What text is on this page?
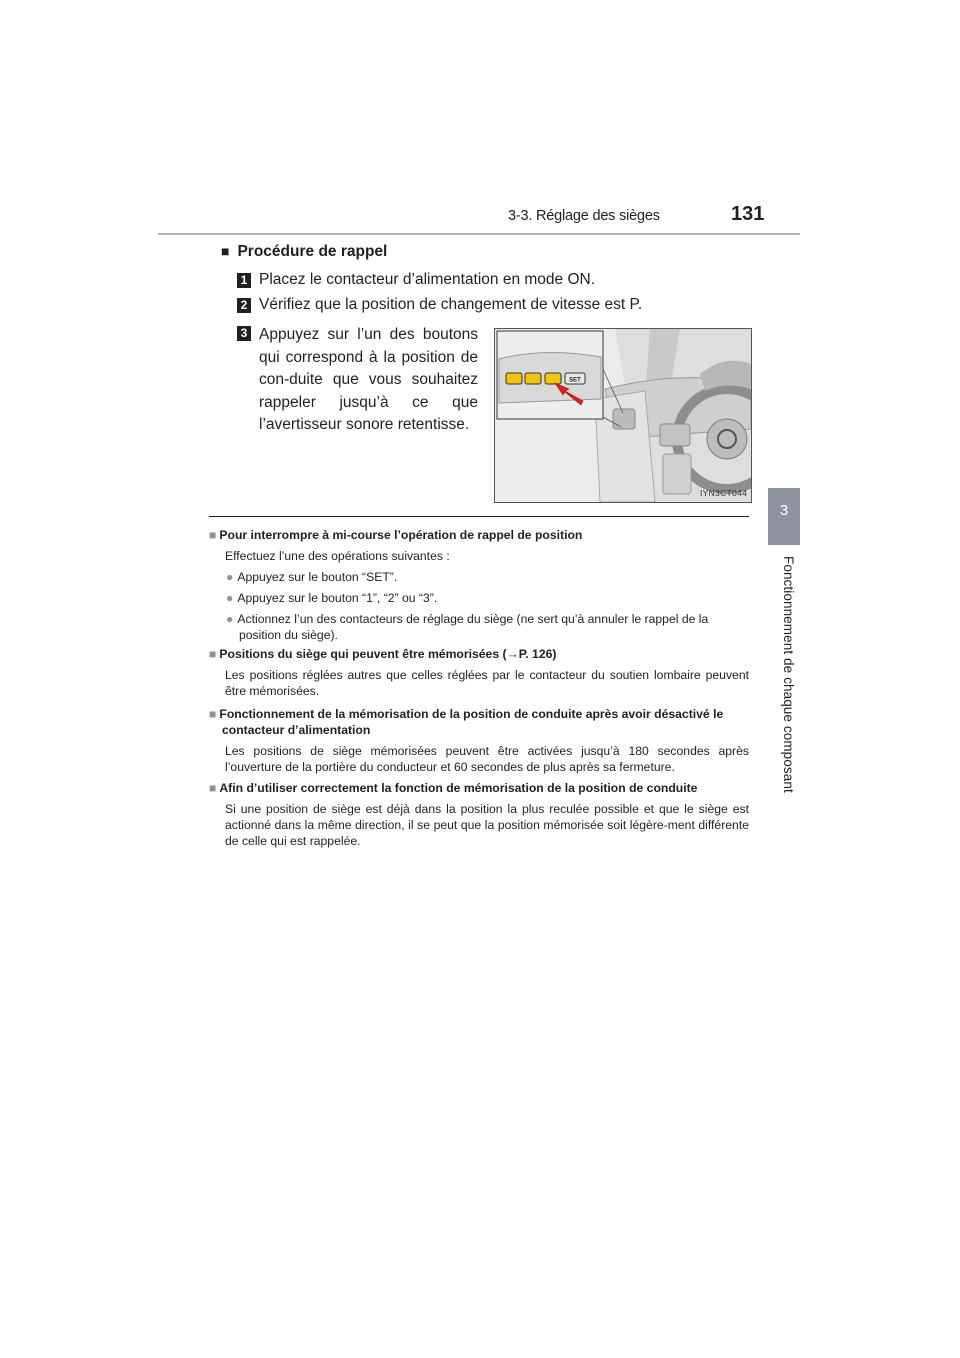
3-3. Réglage des sièges	131
3
Fonctionnement de chaque composant
■ Procédure de rappel
1 Placez le contacteur d’alimentation en mode ON.
2 Vérifiez que la position de changement de vitesse est P.
3 Appuyez sur l’un des boutons qui correspond à la position de con-duite que vous souhaitez rappeler jusqu’à ce que l’avertisseur sonore retentisse.
SET
IYN3CT044
■ Pour interrompre à mi-course l’opération de rappel de position
Effectuez l’une des opérations suivantes :
● Appuyez sur le bouton “SET”.
● Appuyez sur le bouton “1”, “2” ou “3”.
● Actionnez l’un des contacteurs de réglage du siège (ne sert qu’à annuler le rappel de la position du siège).
■ Positions du siège qui peuvent être mémorisées (→P. 126)
Les positions réglées autres que celles réglées par le contacteur du soutien lombaire peuvent être mémorisées.
■ Fonctionnement de la mémorisation de la position de conduite après avoir désactivé le contacteur d’alimentation
Les positions de siège mémorisées peuvent être activées jusqu’à 180 secondes après l’ouverture de la portière du conducteur et 60 secondes de plus après sa fermeture.
■ Afin d’utiliser correctement la fonction de mémorisation de la position de conduite
Si une position de siège est déjà dans la position la plus reculée possible et que le siège est actionné dans la même direction, il se peut que la position mémorisée soit légère-ment différente de celle qui est rappelée.
